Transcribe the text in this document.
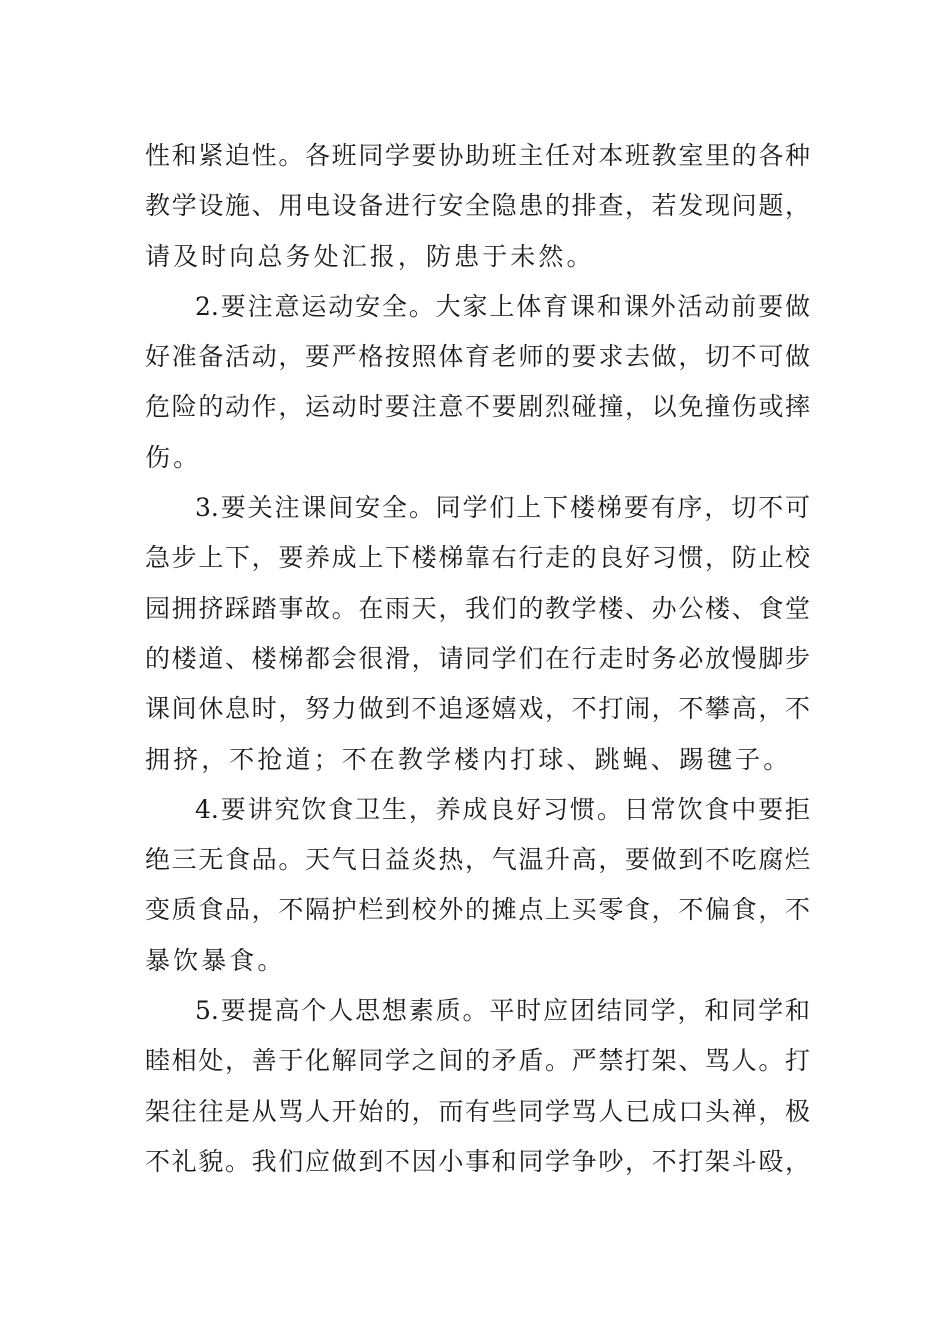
性和紧迫性。各班同学要协助班主任对本班教室里的各种
教学设施、用电设备进行安全隐患的排查，若发现问题，
请及时向总务处汇报，防患于未然。
2.要注意运动安全。大家上体育课和课外活动前要做
好准备活动，要严格按照体育老师的要求去做，切不可做
危险的动作，运动时要注意不要剧烈碰撞，以免撞伤或摔
伤。
3.要关注课间安全。同学们上下楼梯要有序，切不可
急步上下，要养成上下楼梯靠右行走的良好习惯，防止校
园拥挤踩踏事故。在雨天，我们的教学楼、办公楼、食堂
的楼道、楼梯都会很滑，请同学们在行走时务必放慢脚步
课间休息时，努力做到不追逐嬉戏，不打闹，不攀高，不
拥挤，不抢道；不在教学楼内打球、跳蝇、踢毽子。
4.要讲究饮食卫生，养成良好习惯。日常饮食中要拒
绝三无食品。天气日益炎热，气温升高，要做到不吃腐烂
变质食品，不隔护栏到校外的摊点上买零食，不偏食，不
暴饮暴食。
5.要提高个人思想素质。平时应团结同学，和同学和
睦相处，善于化解同学之间的矛盾。严禁打架、骂人。打
架往往是从骂人开始的，而有些同学骂人已成口头禅，极
不礼貌。我们应做到不因小事和同学争吵，不打架斗殴，
